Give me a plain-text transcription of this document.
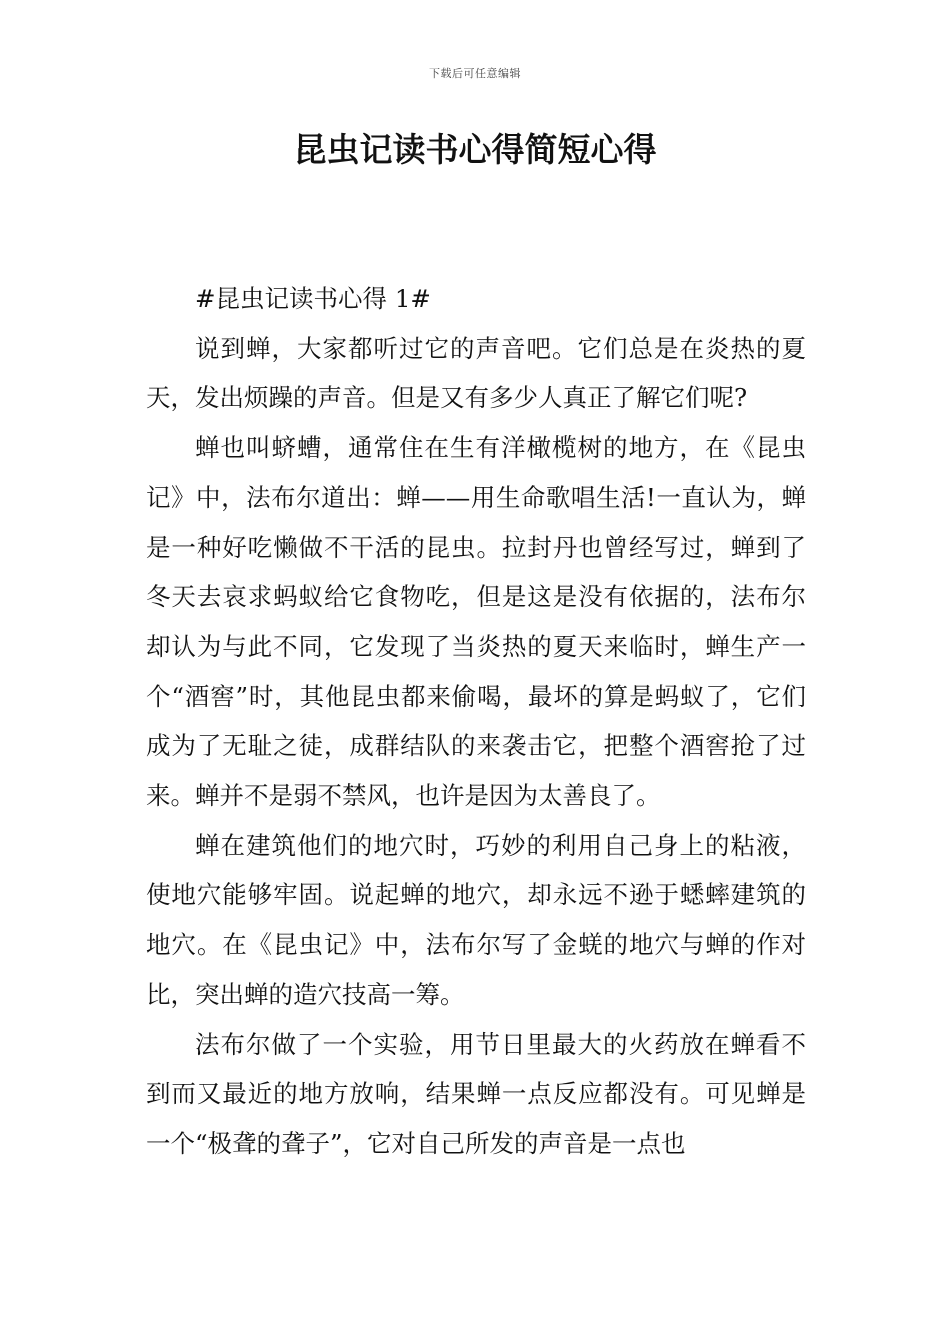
下载后可任意编辑
昆虫记读书心得简短心得

#昆虫记读书心得 1#

说到蝉，大家都听过它的声音吧。它们总是在炎热的夏天，发出烦躁的声音。但是又有多少人真正了解它们呢?

蝉也叫蛴螬，通常住在生有洋橄榄树的地方，在《昆虫记》中，法布尔道出：蝉——用生命歌唱生活!一直认为，蝉是一种好吃懒做不干活的昆虫。拉封丹也曾经写过，蝉到了冬天去哀求蚂蚁给它食物吃，但是这是没有依据的，法布尔却认为与此不同，它发现了当炎热的夏天来临时，蝉生产一个“酒窖”时，其他昆虫都来偷喝，最坏的算是蚂蚁了，它们成为了无耻之徒，成群结队的来袭击它，把整个酒窖抢了过来。蝉并不是弱不禁风，也许是因为太善良了。

蝉在建筑他们的地穴时，巧妙的利用自己身上的粘液，使地穴能够牢固。说起蝉的地穴，却永远不逊于蟋蟀建筑的地穴。在《昆虫记》中，法布尔写了金蜣的地穴与蝉的作对比，突出蝉的造穴技高一筹。

法布尔做了一个实验，用节日里最大的火药放在蝉看不到而又最近的地方放响，结果蝉一点反应都没有。可见蝉是一个“极聋的聋子”，它对自己所发的声音是一点也
